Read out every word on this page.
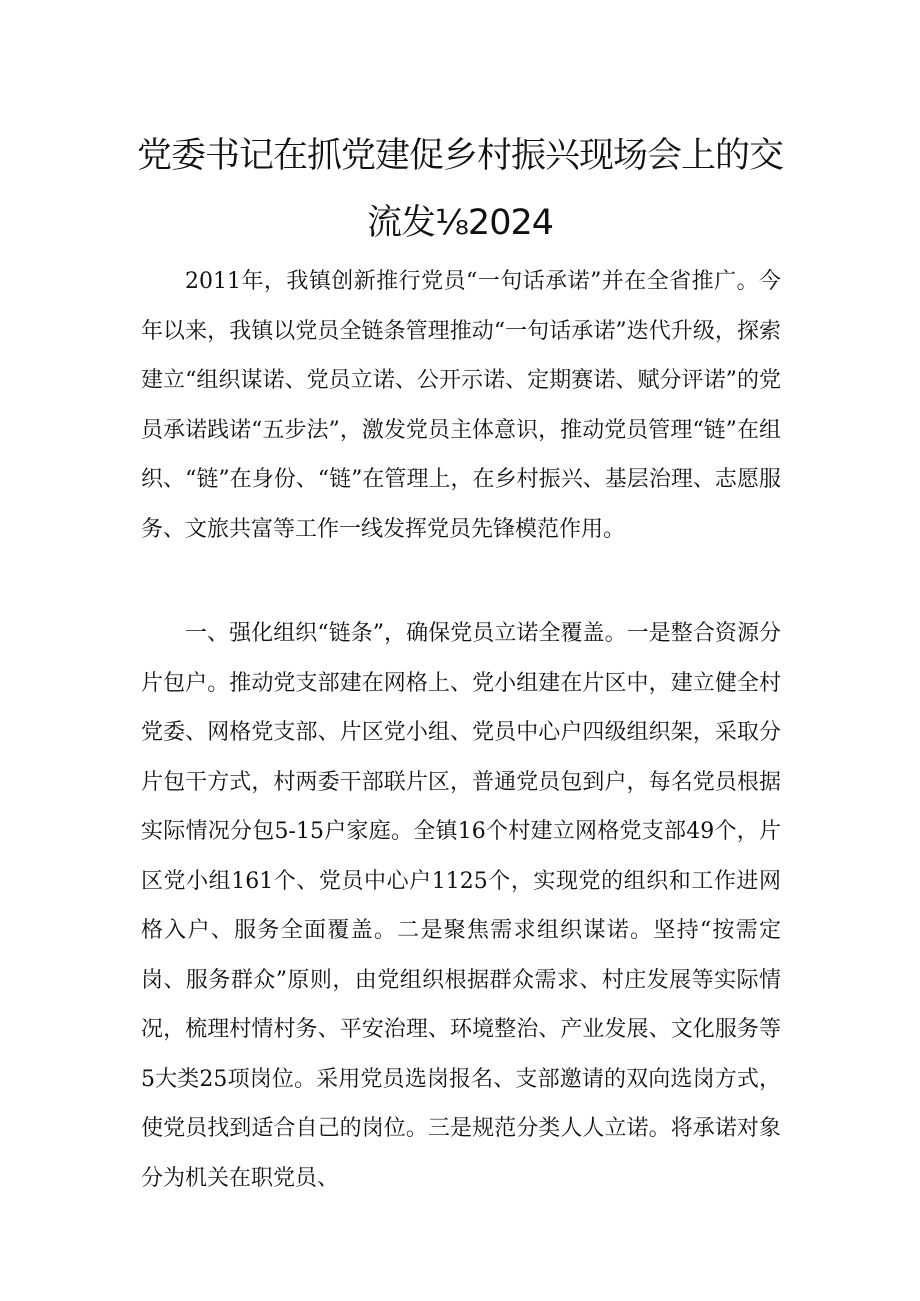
党委书记在抓党建促乡村振兴现场会上的交
流发⅛2024

2011年，我镇创新推行党员“一句话承诺”并在全省推广。今年以来，我镇以党员全链条管理推动“一句话承诺”迭代升级，探索建立“组织谋诺、党员立诺、公开示诺、定期赛诺、赋分评诺”的党员承诺践诺“五步法”，激发党员主体意识，推动党员管理“链”在组织、“链”在身份、“链”在管理上，在乡村振兴、基层治理、志愿服务、文旅共富等工作一线发挥党员先锋模范作用。

一、强化组织“链条”，确保党员立诺全覆盖。一是整合资源分片包户。推动党支部建在网格上、党小组建在片区中，建立健全村党委、网格党支部、片区党小组、党员中心户四级组织架，采取分片包干方式，村两委干部联片区，普通党员包到户，每名党员根据实际情况分包5-15户家庭。全镇16个村建立网格党支部49个，片区党小组161个、党员中心户1125个，实现党的组织和工作进网格入户、服务全面覆盖。二是聚焦需求组织谋诺。坚持“按需定岗、服务群众”原则，由党组织根据群众需求、村庄发展等实际情况，梳理村情村务、平安治理、环境整治、产业发展、文化服务等5大类25项岗位。采用党员选岗报名、支部邀请的双向选岗方式，使党员找到适合自己的岗位。三是规范分类人人立诺。将承诺对象分为机关在职党员、
